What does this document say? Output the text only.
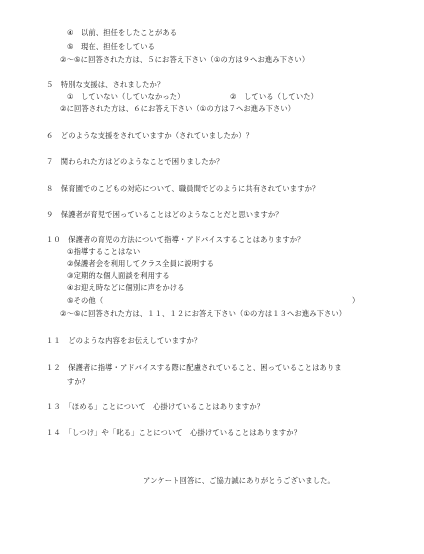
④　以前、担任をしたことがある
⑤　現在、担任をしている
②〜⑤に回答された方は、５にお答え下さい（①の方は９へお進み下さい）
５　特別な支援は、されましたか？
①　していない（していなかった）	②　している（していた）
②に回答された方は、６にお答え下さい（①の方は７へお進み下さい）
６　どのような支援をされていますか（されていましたか）？
７　関わられた方はどのようなことで困りましたか？
８　保育園でのこどもの対応について、職員間でどのように共有されていますか？
９　保護者が育児で困っていることはどのようなことだと思いますか？
１０　保護者の育児の方法について指導・アドバイスすることはありますか？
①指導することはない
②保護者会を利用してクラス全員に説明する
③定期的な個人面談を利用する
④お迎え時などに個別に声をかける
⑤その他（	）
②〜⑤に回答された方は、１１、１２にお答え下さい（①の方は１３へお進み下さい）
１１　どのような内容をお伝えしていますか？
１２　保護者に指導・アドバイスする際に配慮されていること、困っていることはありま
すか？
１３　「ほめる」ことについて　心掛けていることはありますか？
１４　「しつけ」や「叱る」ことについて　心掛けていることはありますか？
アンケート回答に、ご協力誠にありがとうございました。
